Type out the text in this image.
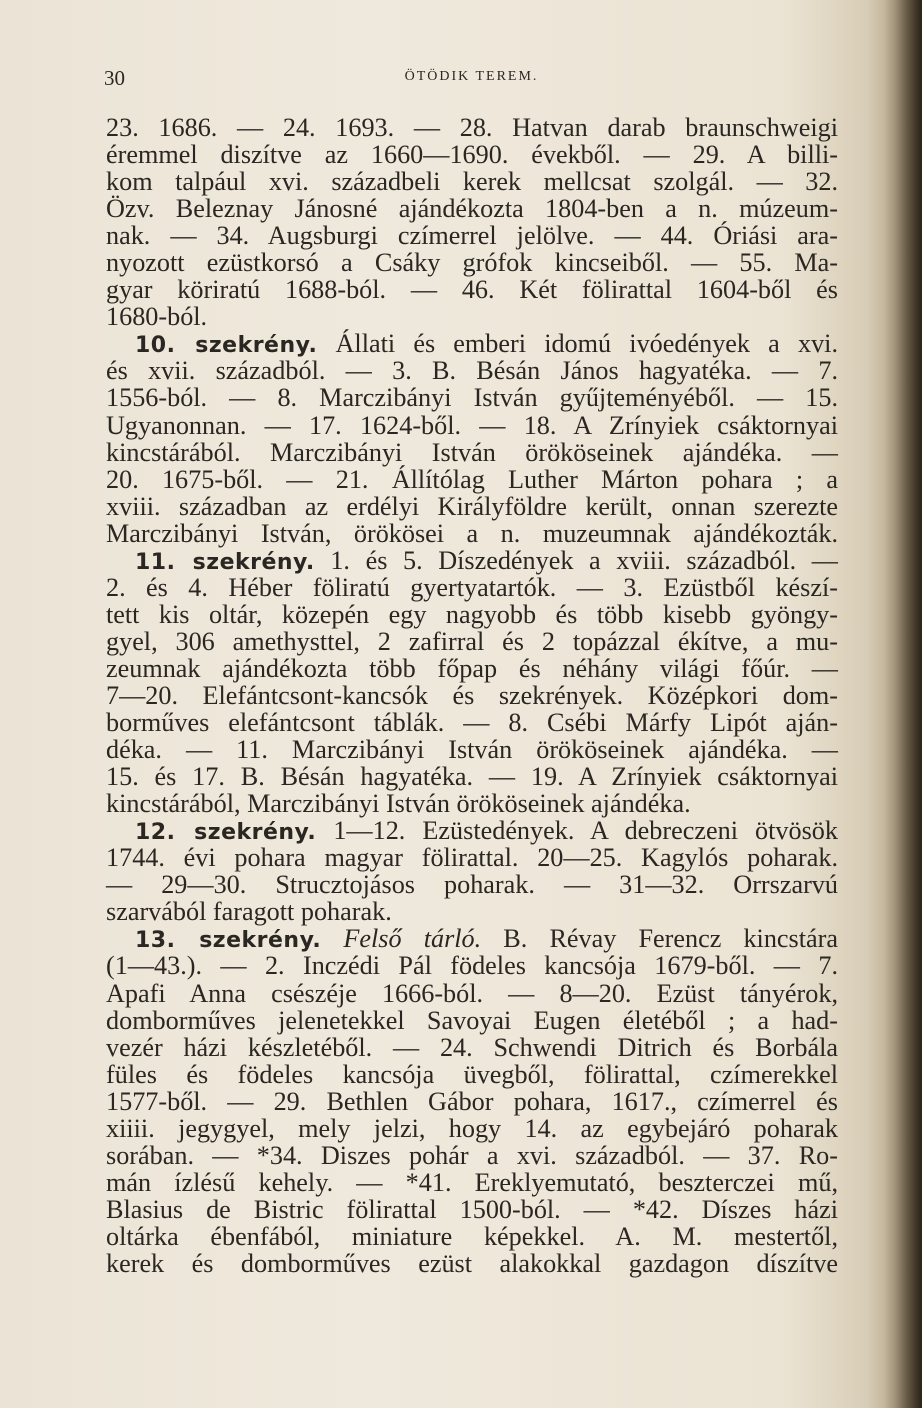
30	ÖTÖDIK TEREM.
23. 1686. — 24. 1693. — 28. Hatvan darab braunschweigi
éremmel diszítve az 1660—1690. évekből. — 29. A billi-
kom talpául xvi. századbeli kerek mellcsat szolgál. — 32.
Özv. Beleznay Jánosné ajándékozta 1804-ben a n. múzeum-
nak. — 34. Augsburgi czímerrel jelölve. — 44. Óriási ara-
nyozott ezüstkorsó a Csáky grófok kincseiből. — 55. Ma-
gyar köriratú 1688-ból. — 46. Két fölirattal 1604-ből és
1680-ból.
10. szekrény. Állati és emberi idomú ivóedények a xvi.
és xvii. századból. — 3. B. Bésán János hagyatéka. — 7.
1556-ból. — 8. Marczibányi István gyűjteményéből. — 15.
Ugyanonnan. — 17. 1624-ből. — 18. A Zrínyiek csáktornyai
kincstárából. Marczibányi István örököseinek ajándéka. —
20. 1675-ből. — 21. Állítólag Luther Márton pohara ; a
xviii. században az erdélyi Királyföldre került, onnan szerezte
Marczibányi István, örökösei a n. muzeumnak ajándékozták.
11. szekrény. 1. és 5. Díszedények a xviii. századból. —
2. és 4. Héber föliratú gyertyatartók. — 3. Ezüstből készí-
tett kis oltár, közepén egy nagyobb és több kisebb gyöngy-
gyel, 306 amethysttel, 2 zafirral és 2 topázzal ékítve, a mu-
zeumnak ajándékozta több főpap és néhány világi főúr. —
7—20. Elefántcsont-kancsók és szekrények. Középkori dom-
borműves elefántcsont táblák. — 8. Csébi Márfy Lipót aján-
déka. — 11. Marczibányi István örököseinek ajándéka. —
15. és 17. B. Bésán hagyatéka. — 19. A Zrínyiek csáktornyai
kincstárából, Marczibányi István örököseinek ajándéka.
12. szekrény. 1—12. Ezüstedények. A debreczeni ötvösök
1744. évi pohara magyar fölirattal. 20—25. Kagylós poharak.
— 29—30. Strucztojásos poharak. — 31—32. Orrszarvú
szarvából faragott poharak.
13. szekrény. Felső tárló. B. Révay Ferencz kincstára
(1—43.). — 2. Inczédi Pál födeles kancsója 1679-ből. — 7.
Apafi Anna csészéje 1666-ból. — 8—20. Ezüst tányérok,
domborműves jelenetekkel Savoyai Eugen életéből ; a had-
vezér házi készletéből. — 24. Schwendi Ditrich és Borbála
füles és födeles kancsója üvegből, fölirattal, czímerekkel
1577-ből. — 29. Bethlen Gábor pohara, 1617., czímerrel és
xiiii. jegygyel, mely jelzi, hogy 14. az egybejáró poharak
sorában. — *34. Diszes pohár a xvi. századból. — 37. Ro-
mán ízlésű kehely. — *41. Ereklyemutató, beszterczei mű,
Blasius de Bistric fölirattal 1500-ból. — *42. Díszes házi
oltárka ébenfából, miniature képekkel. A. M. mestertől,
kerek és domborműves ezüst alakokkal gazdagon díszítve
